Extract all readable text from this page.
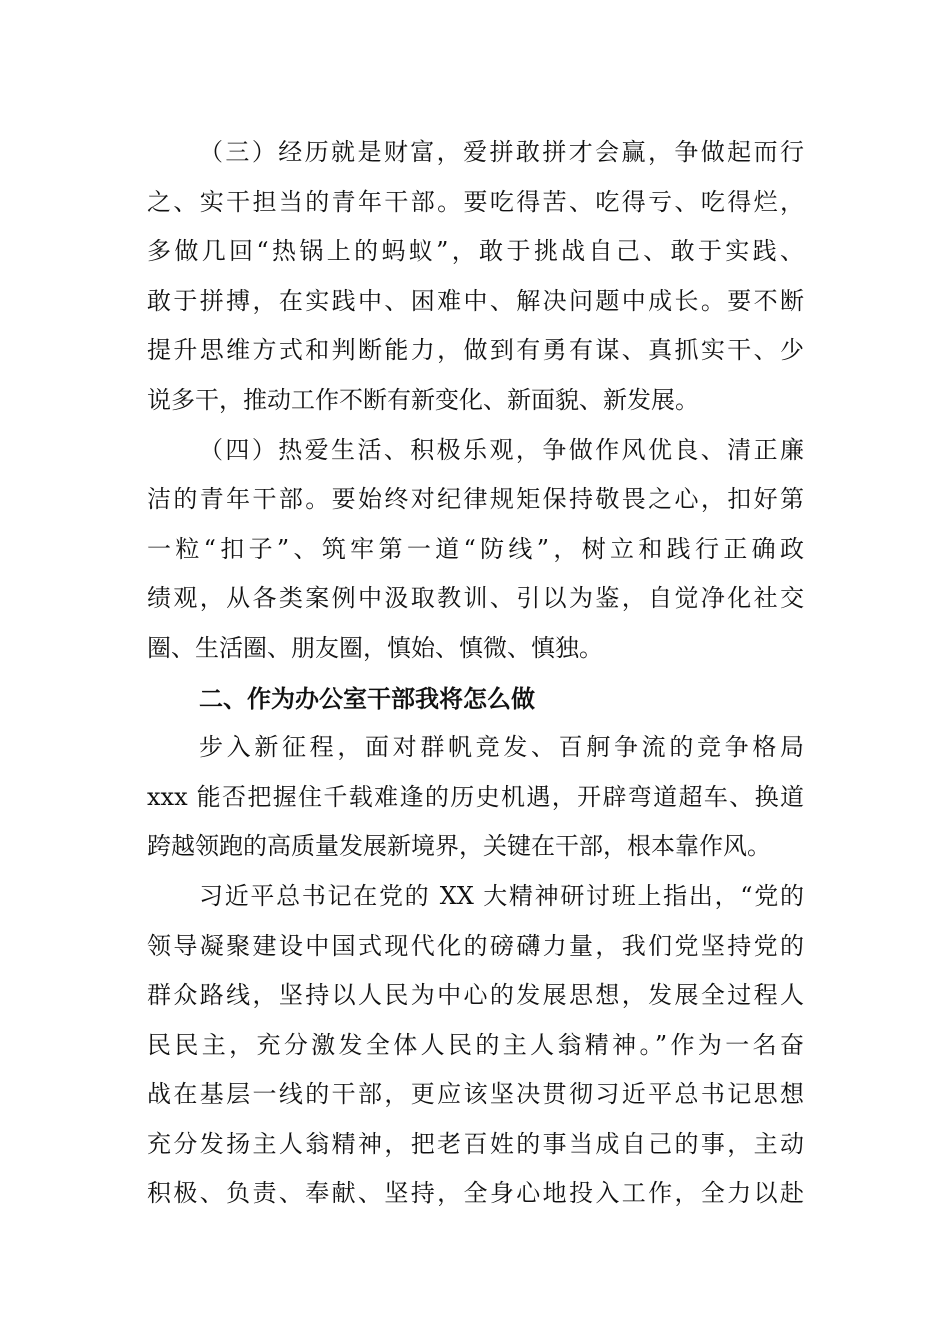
（三）经历就是财富，爱拼敢拼才会赢，争做起而行
之、实干担当的青年干部。要吃得苦、吃得亏、吃得烂，
多做几回“热锅上的蚂蚁”，敢于挑战自己、敢于实践、
敢于拼搏，在实践中、困难中、解决问题中成长。要不断
提升思维方式和判断能力，做到有勇有谋、真抓实干、少
说多干，推动工作不断有新变化、新面貌、新发展。
（四）热爱生活、积极乐观，争做作风优良、清正廉
洁的青年干部。要始终对纪律规矩保持敬畏之心，扣好第
一粒“扣子”、筑牢第一道“防线”，树立和践行正确政
绩观，从各类案例中汲取教训、引以为鉴，自觉净化社交
圈、生活圈、朋友圈，慎始、慎微、慎独。
二、作为办公室干部我将怎么做
步入新征程，面对群帆竞发、百舸争流的竞争格局
xxx 能否把握住千载难逢的历史机遇，开辟弯道超车、换道
跨越领跑的高质量发展新境界，关键在干部，根本靠作风。
习近平总书记在党的 XX 大精神研讨班上指出，“党的
领导凝聚建设中国式现代化的磅礴力量，我们党坚持党的
群众路线，坚持以人民为中心的发展思想，发展全过程人
民民主，充分激发全体人民的主人翁精神。”作为一名奋
战在基层一线的干部，更应该坚决贯彻习近平总书记思想
充分发扬主人翁精神，把老百姓的事当成自己的事，主动
积极、负责、奉献、坚持，全身心地投入工作，全力以赴
